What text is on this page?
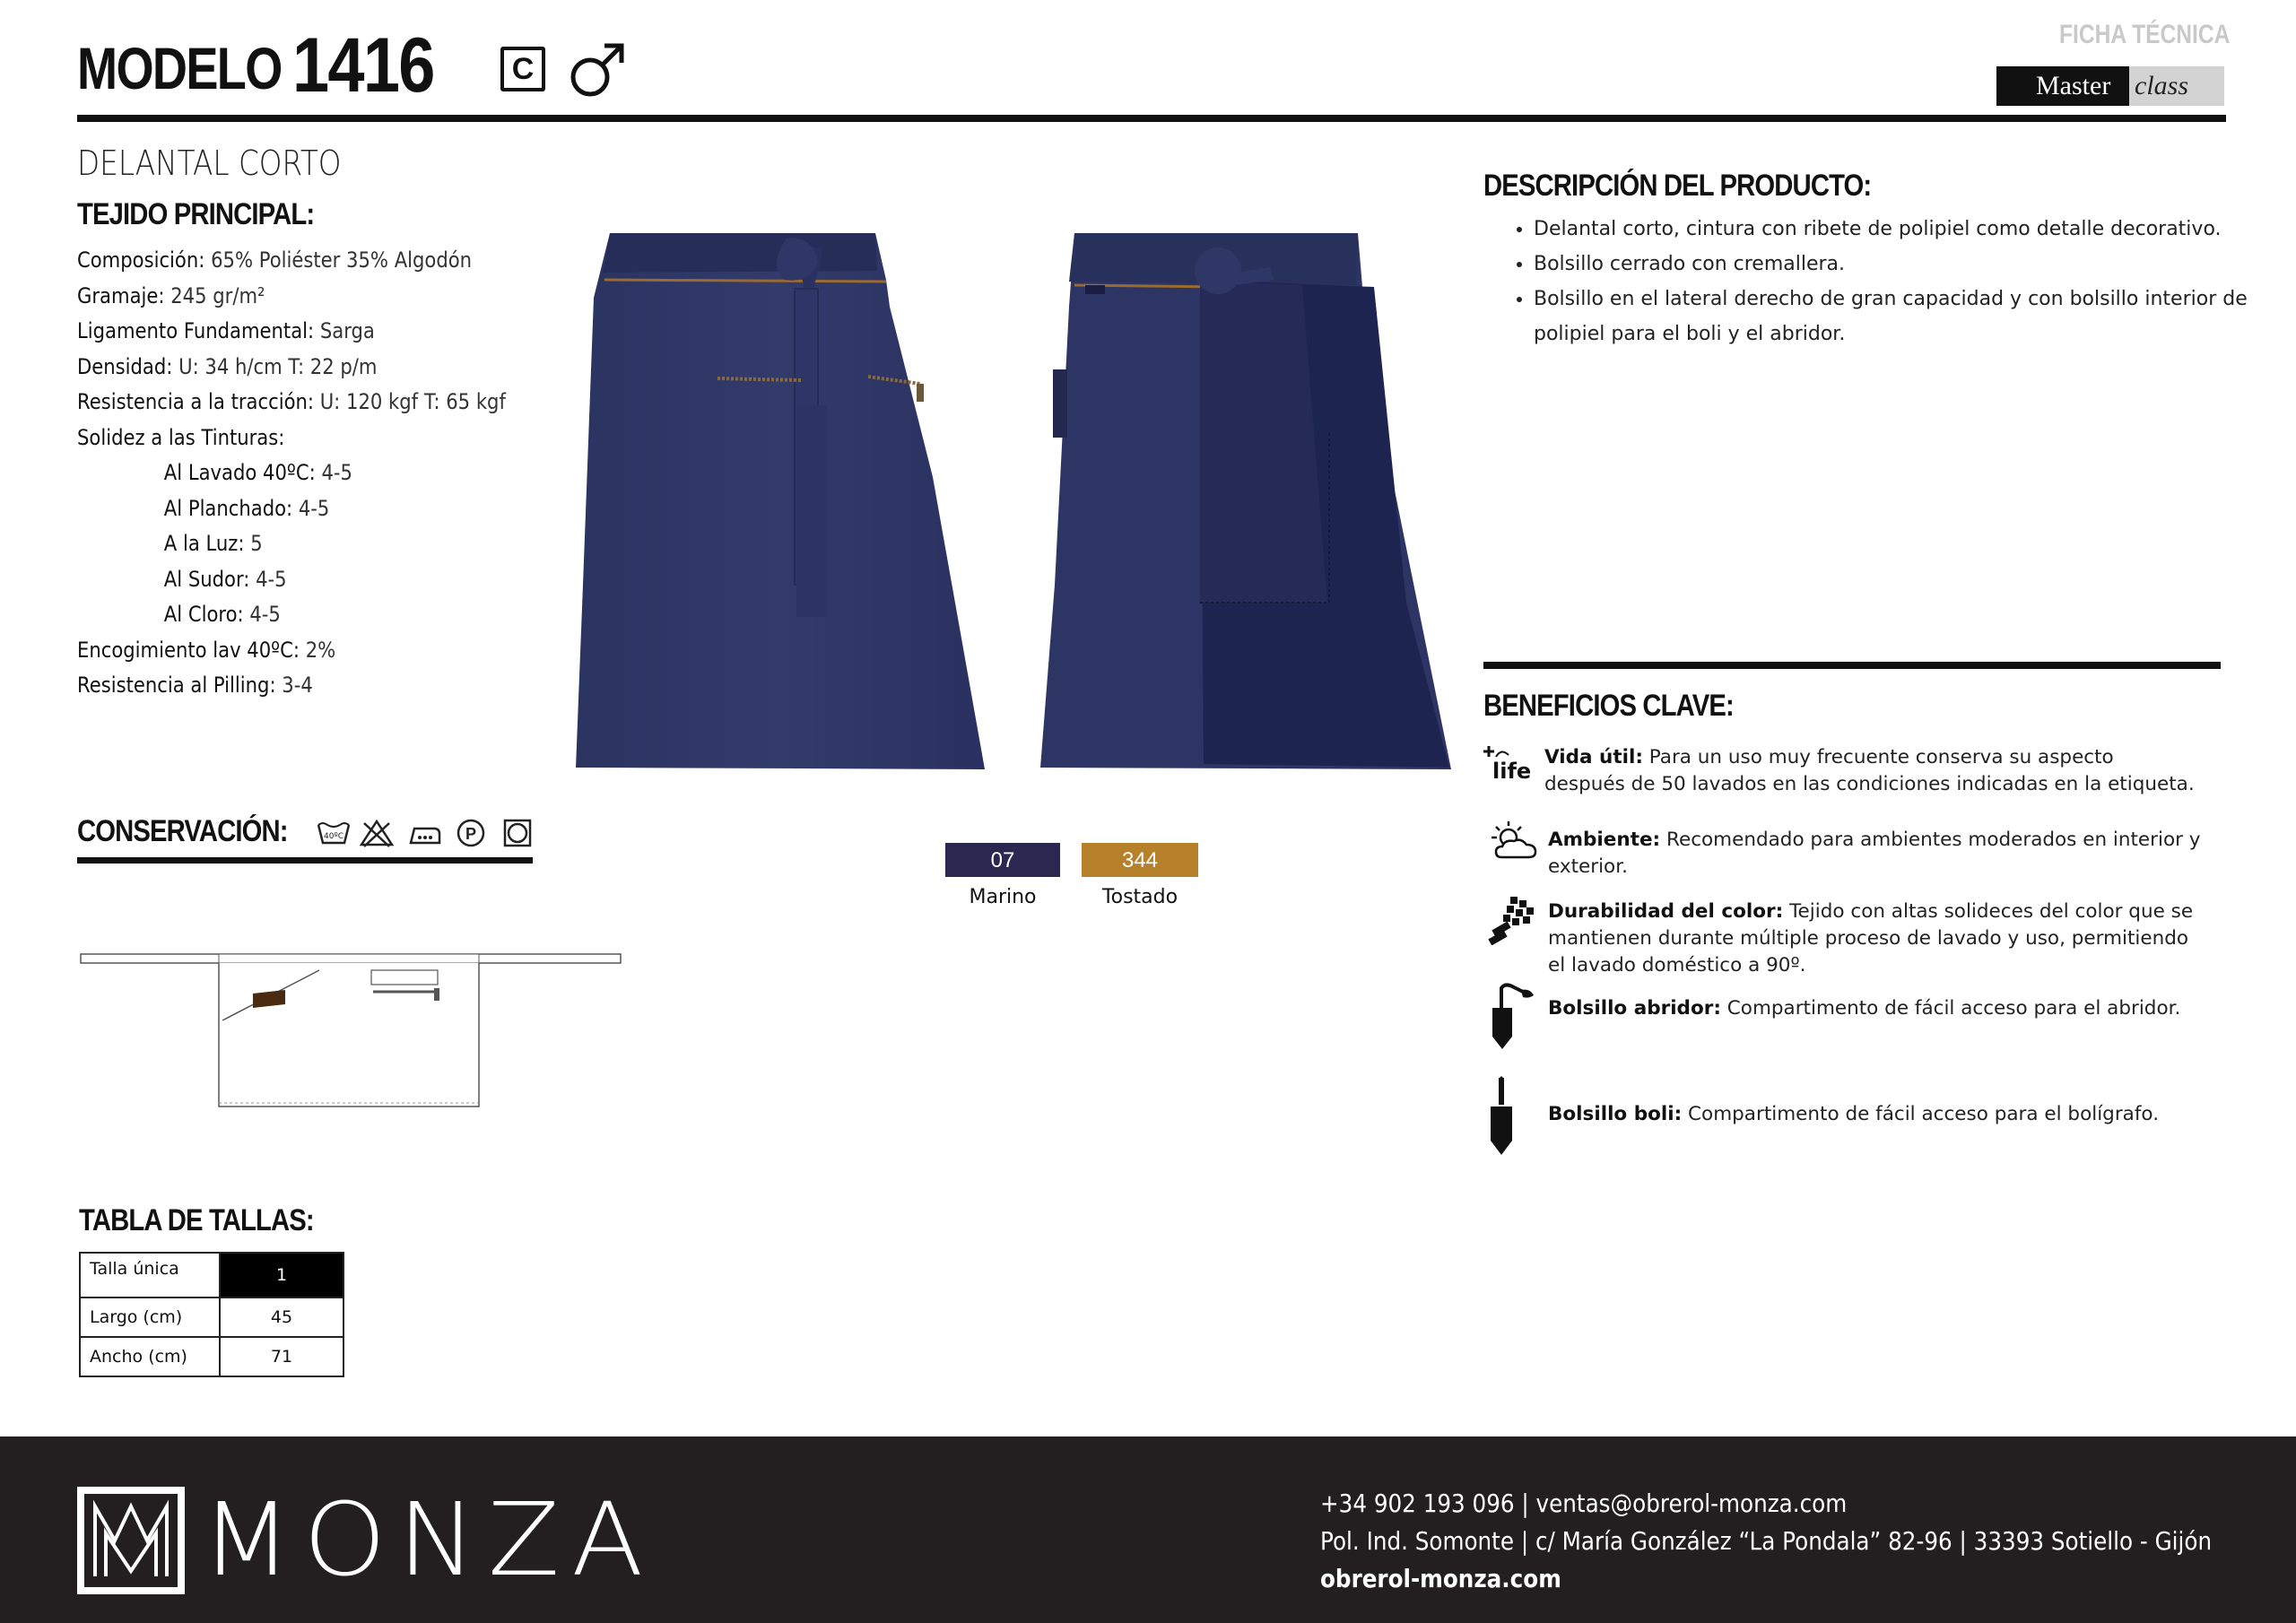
MODELO 1416	C
FICHA TÉCNICA
Master class
DELANTAL CORTO
TEJIDO PRINCIPAL:
Composición: 65% Poliéster 35% Algodón
Gramaje: 245 gr/m²
Ligamento Fundamental: Sarga
Densidad: U: 34 h/cm T: 22 p/m
Resistencia a la tracción: U: 120 kgf T: 65 kgf
Solidez a las Tinturas:
Al Lavado 40ºC: 4-5
Al Planchado: 4-5
A la Luz: 5
Al Sudor: 4-5
Al Cloro: 4-5
Encogimiento lav 40ºC: 2%
Resistencia al Pilling: 3-4
CONSERVACIÓN:	40ºC	P
TABLA DE TALLAS:
Talla única	1
Largo (cm)	45
Ancho (cm)	71
07
Marino
344
Tostado
DESCRIPCIÓN DEL PRODUCTO:
• Delantal corto, cintura con ribete de polipiel como detalle decorativo.
• Bolsillo cerrado con cremallera.
• Bolsillo en el lateral derecho de gran capacidad y con bolsillo interior de polipiel para el boli y el abridor.
BENEFICIOS CLAVE:
life
Vida útil: Para un uso muy frecuente conserva su aspecto después de 50 lavados en las condiciones indicadas en la etiqueta.
Ambiente: Recomendado para ambientes moderados en interior y exterior.
Durabilidad del color: Tejido con altas solideces del color que se mantienen durante múltiple proceso de lavado y uso, permitiendo el lavado doméstico a 90º.
Bolsillo abridor: Compartimento de fácil acceso para el abridor.
Bolsillo boli: Compartimento de fácil acceso para el bolígrafo.
MONZA	+34 902 193 096 | ventas@obrerol-monza.com
Pol. Ind. Somonte | c/ María González “La Pondala” 82-96 | 33393 Sotiello - Gijón
obrerol-monza.com
